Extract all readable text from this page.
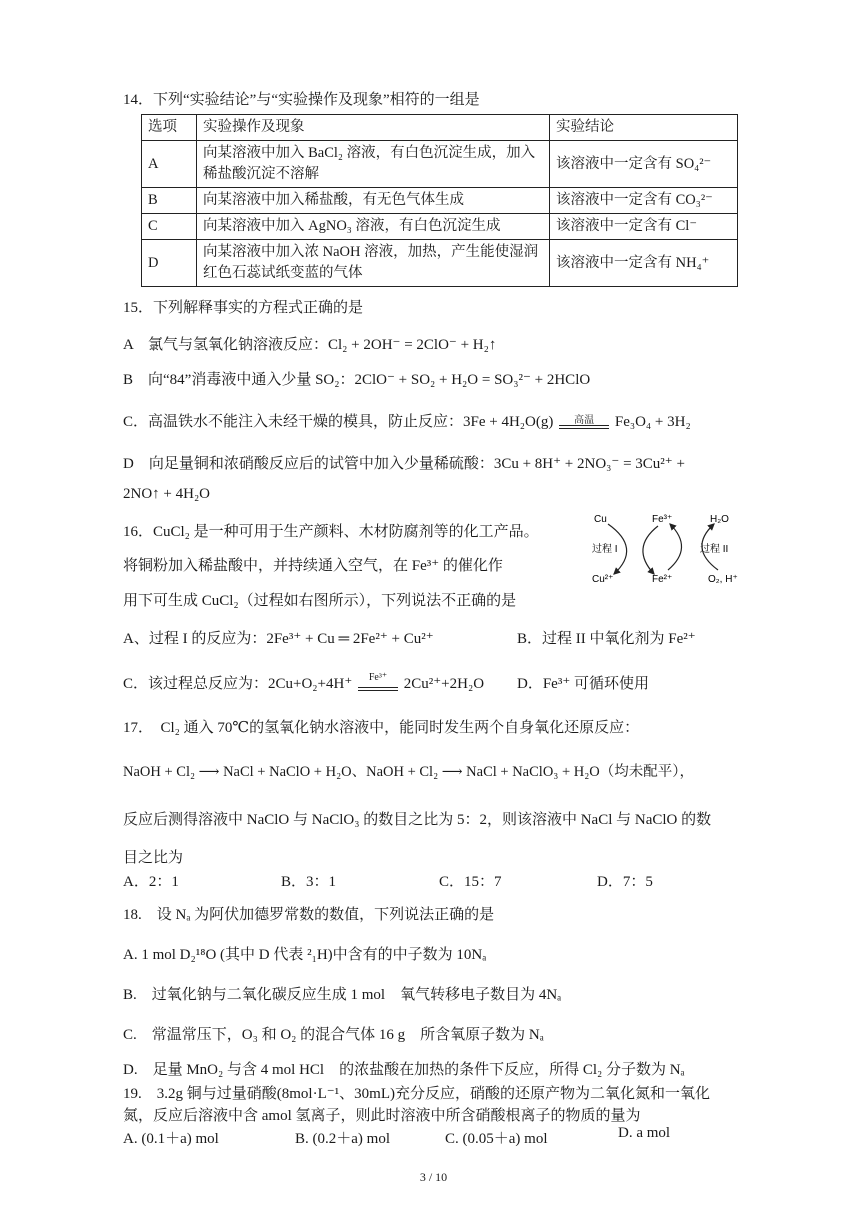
14．下列“实验结论”与“实验操作及现象”相符的一组是
选项	实验操作及现象	实验结论
A	向某溶液中加入 BaCl₂ 溶液，有白色沉淀生成，加入稀盐酸沉淀不溶解	该溶液中一定含有 SO₄²⁻
B	向某溶液中加入稀盐酸，有无色气体生成	该溶液中一定含有 CO₃²⁻
C	向某溶液中加入 AgNO₃ 溶液，有白色沉淀生成	该溶液中一定含有 Cl⁻
D	向某溶液中加入浓 NaOH 溶液，加热，产生能使湿润红色石蕊试纸变蓝的气体	该溶液中一定含有 NH₄⁺
15．下列解释事实的方程式正确的是
A　氯气与氢氧化钠溶液反应：Cl₂ + 2OH⁻ = 2ClO⁻ + H₂↑
B　向“84”消毒液中通入少量 SO₂：2ClO⁻ + SO₂ + H₂O = SO₃²⁻ + 2HClO
C．高温铁水不能注入未经干燥的模具，防止反应：3Fe + 4H₂O(g)	高温	Fe₃O₄ + 3H₂
D　向足量铜和浓硝酸反应后的试管中加入少量稀硫酸：3Cu + 8H⁺ + 2NO₃⁻ = 3Cu²⁺ +
2NO↑ + 4H₂O
16．CuCl₂ 是一种可用于生产颜料、木材防腐剂等的化工产品。
将铜粉加入稀盐酸中，并持续通入空气，在 Fe³⁺ 的催化作
用下可生成 CuCl₂（过程如右图所示），下列说法不正确的是
Cu	Fe³⁺	H₂O
过程 I	过程 II
Cu²⁺	Fe²⁺	O₂, H⁺
A、过程 I 的反应为：2Fe³⁺ + Cu ═ 2Fe²⁺ + Cu²⁺	B．过程 II 中氧化剂为 Fe²⁺
C．该过程总反应为：2Cu+O₂+4H⁺	Fe³⁺	2Cu²⁺+2H₂O D．Fe³⁺ 可循环使用
17．　Cl₂ 通入 70℃的氢氧化钠水溶液中，能同时发生两个自身氧化还原反应：
NaOH + Cl₂ ⟶ NaCl + NaClO + H₂O、NaOH + Cl₂ ⟶ NaCl + NaClO₃ + H₂O（均未配平），
反应后测得溶液中 NaClO 与 NaClO₃ 的数目之比为 5：2，则该溶液中 NaCl 与 NaClO 的数
目之比为
A．2：1	B．3：1	C．15：7	D．7：5
18.　设 Nₐ 为阿伏加德罗常数的数值，下列说法正确的是
A. 1 mol D₂¹⁸O (其中 D 代表 ²₁H)中含有的中子数为 10Nₐ
B.　过氧化钠与二氧化碳反应生成 1 mol　氧气转移电子数目为 4Nₐ
C.　常温常压下，O₃ 和 O₂ 的混合气体 16 g　所含氧原子数为 Nₐ
D.　足量 MnO₂ 与含 4 mol HCl　的浓盐酸在加热的条件下反应，所得 Cl₂ 分子数为 Nₐ
19.　3.2g 铜与过量硝酸(8mol·L⁻¹、30mL)充分反应，硝酸的还原产物为二氧化氮和一氧化
氮，反应后溶液中含 amol 氢离子，则此时溶液中所含硝酸根离子的物质的量为
A. (0.1＋a) mol	B. (0.2＋a) mol	C. (0.05＋a) mol	D. a mol
3 / 10
